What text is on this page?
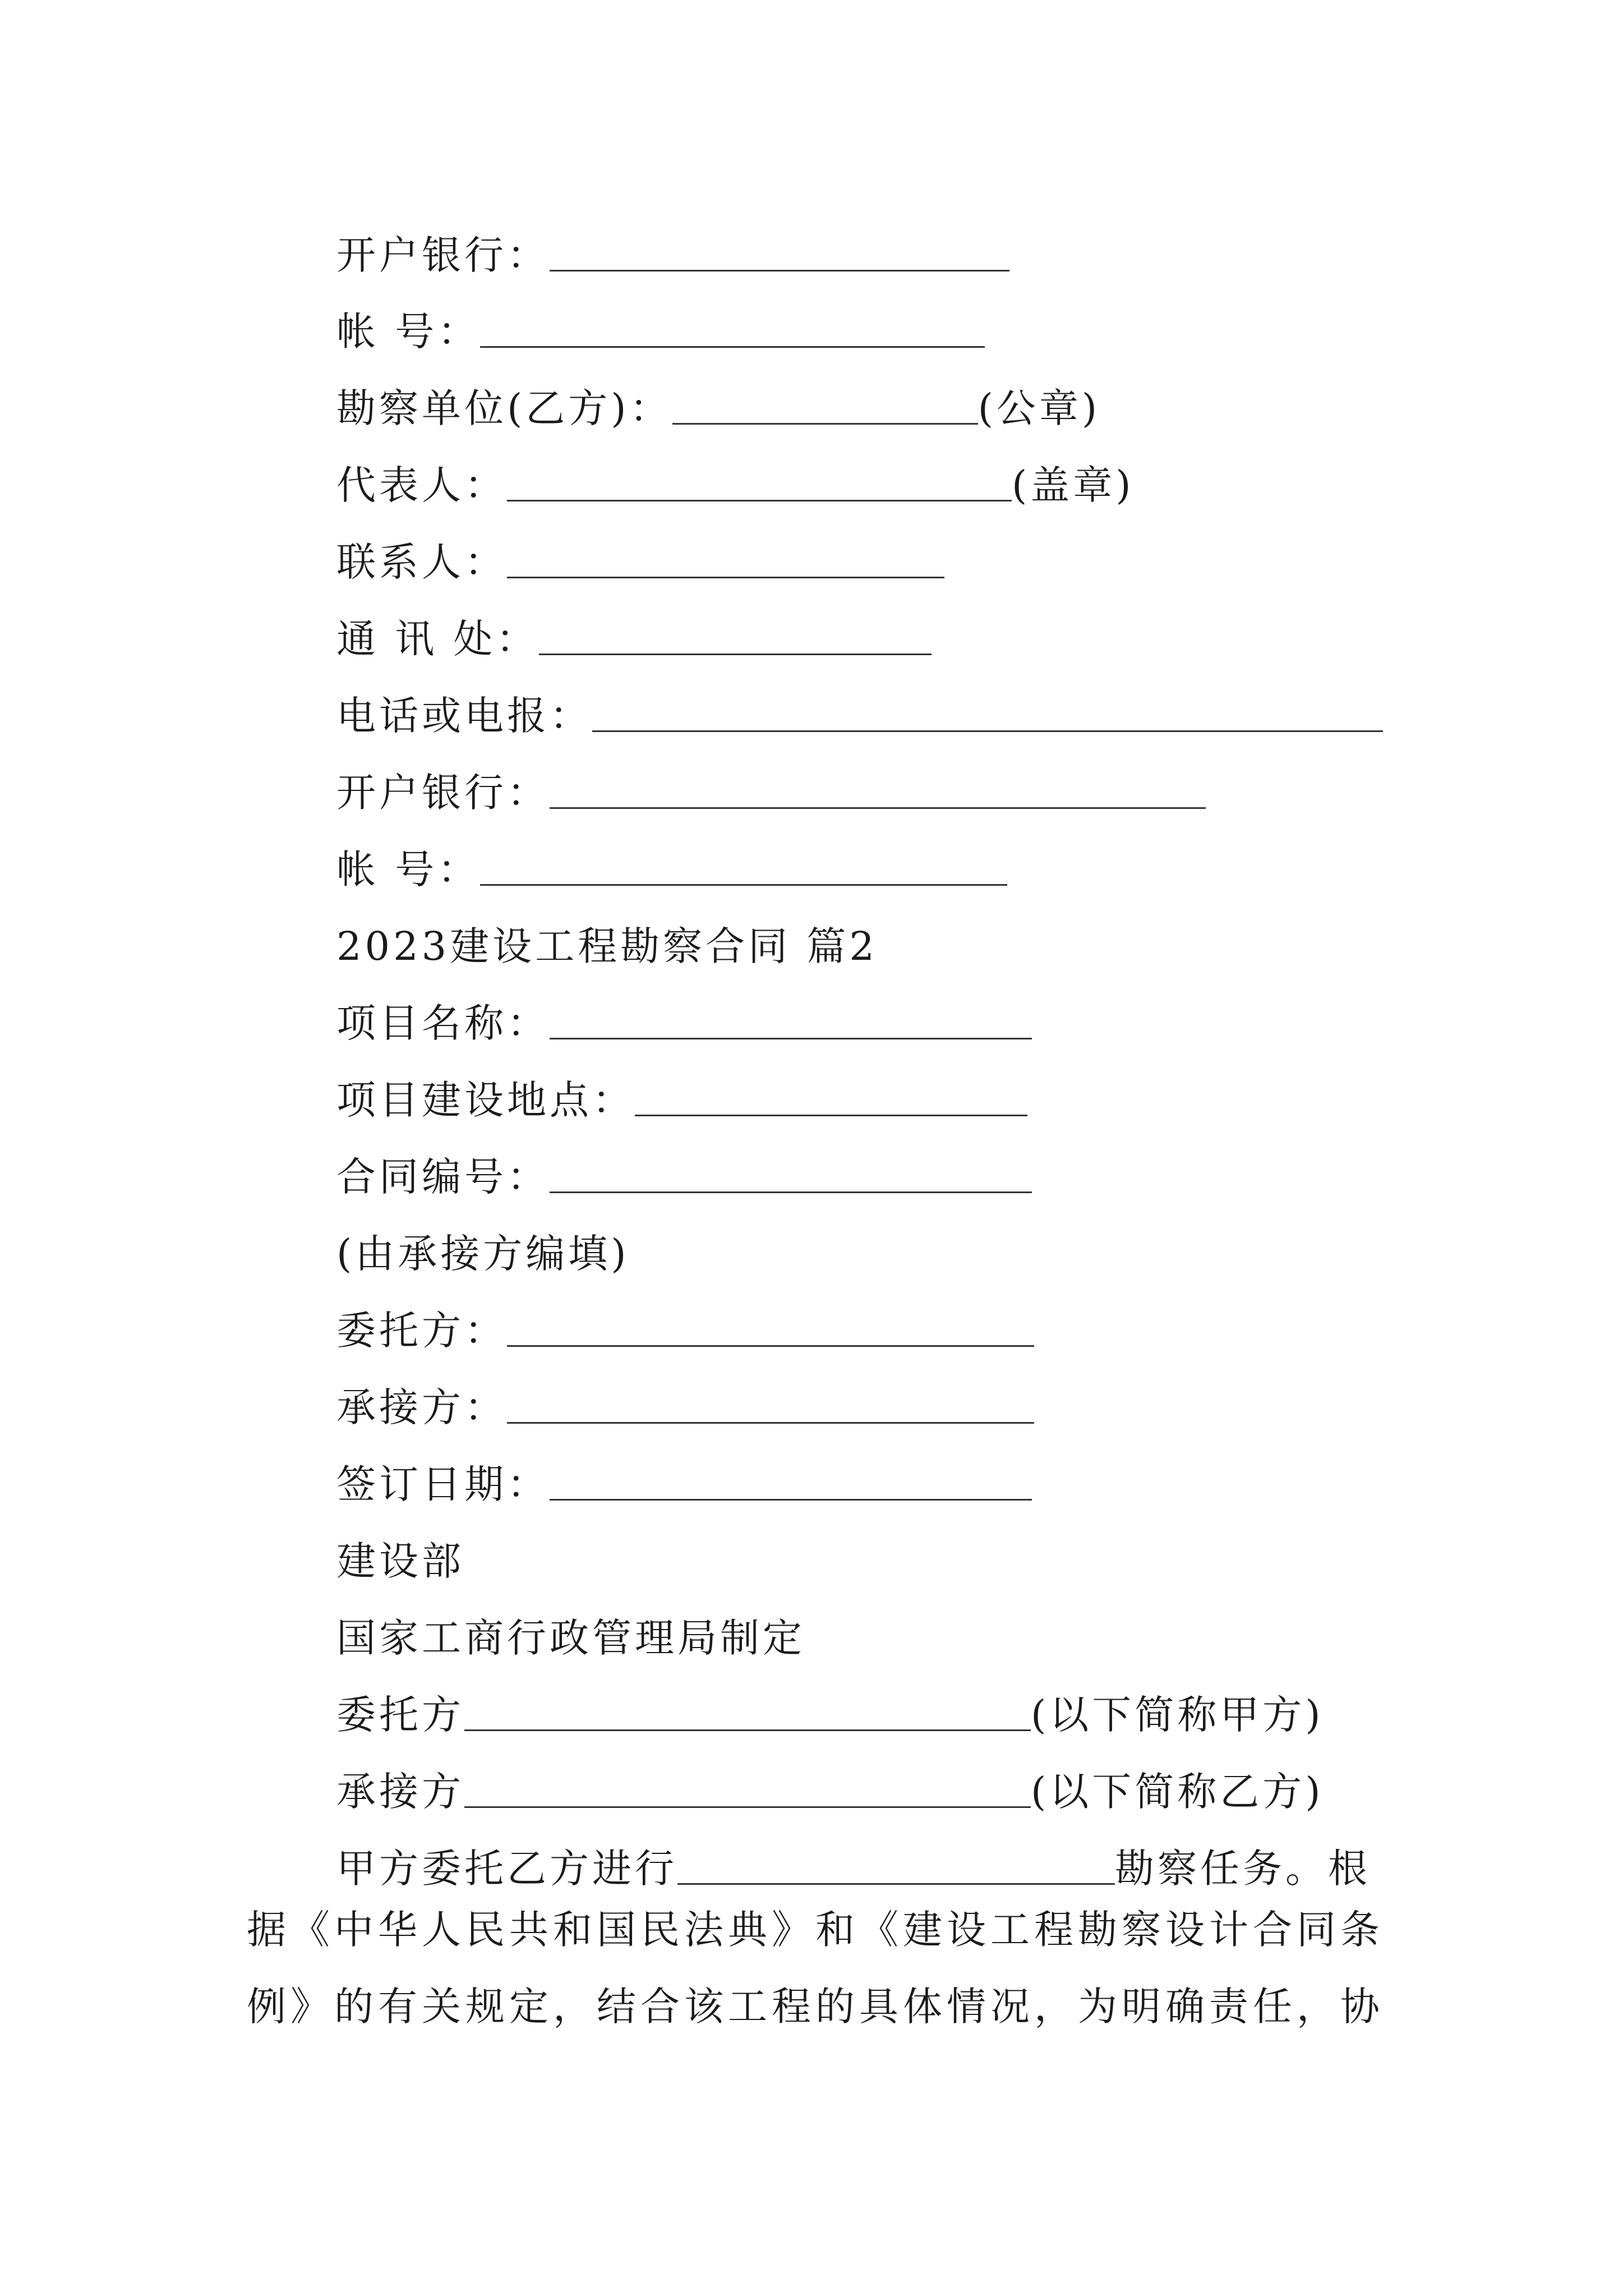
开户银行：
帐 号：
勘察单位(乙方)：	(公章)
代表人：	(盖章)
联系人：
通 讯 处：
电话或电报：
开户银行：
帐 号：
2023建设工程勘察合同 篇2
项目名称：
项目建设地点：
合同编号：
(由承接方编填)
委托方：
承接方：
签订日期：
建设部
国家工商行政管理局制定
委托方	(以下简称甲方)
承接方	(以下简称乙方)
甲方委托乙方进行	勘察任务。根
据《中华人民共和国民法典》和《建设工程勘察设计合同条
例》的有关规定，结合该工程的具体情况，为明确责任，协
